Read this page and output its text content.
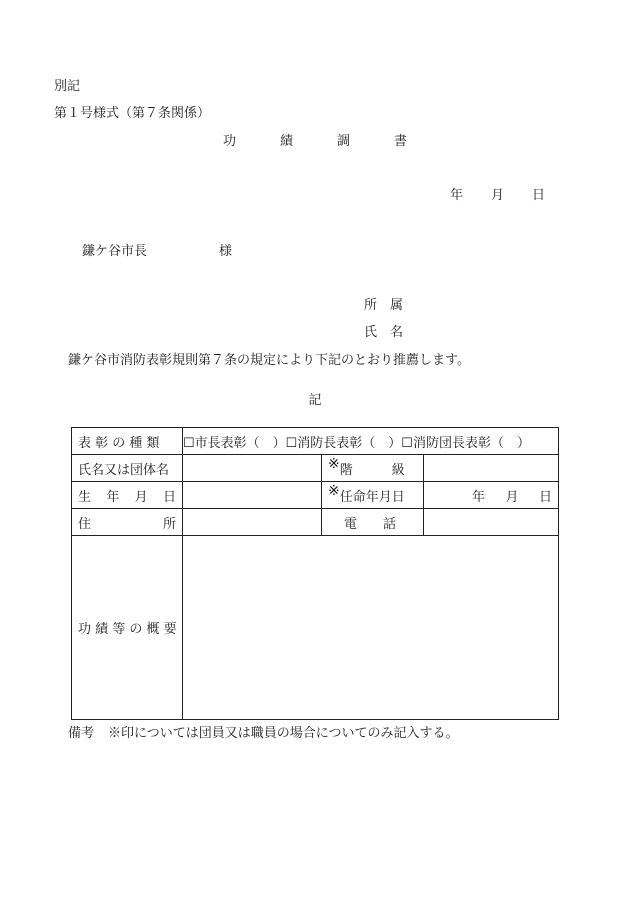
別記
第１号様式（第７条関係）
功	績	調	書
年 月 日
鎌ケ谷市長	様
所　属
氏　名
鎌ケ谷市消防表彰規則第７条の規定により下記のとおり推薦します。
記
表 彰 の 種 類	☐市長表彰（　）☐消防長表彰（　）☐消防団長表彰（　）		
氏名又は団体名		※階　　　級	

生 年 月 日		※任命年月日	年 月 日

住 所		電　　話	
功 績 等 の 概 要			
備考 ※印については団員又は職員の場合についてのみ記入する。
